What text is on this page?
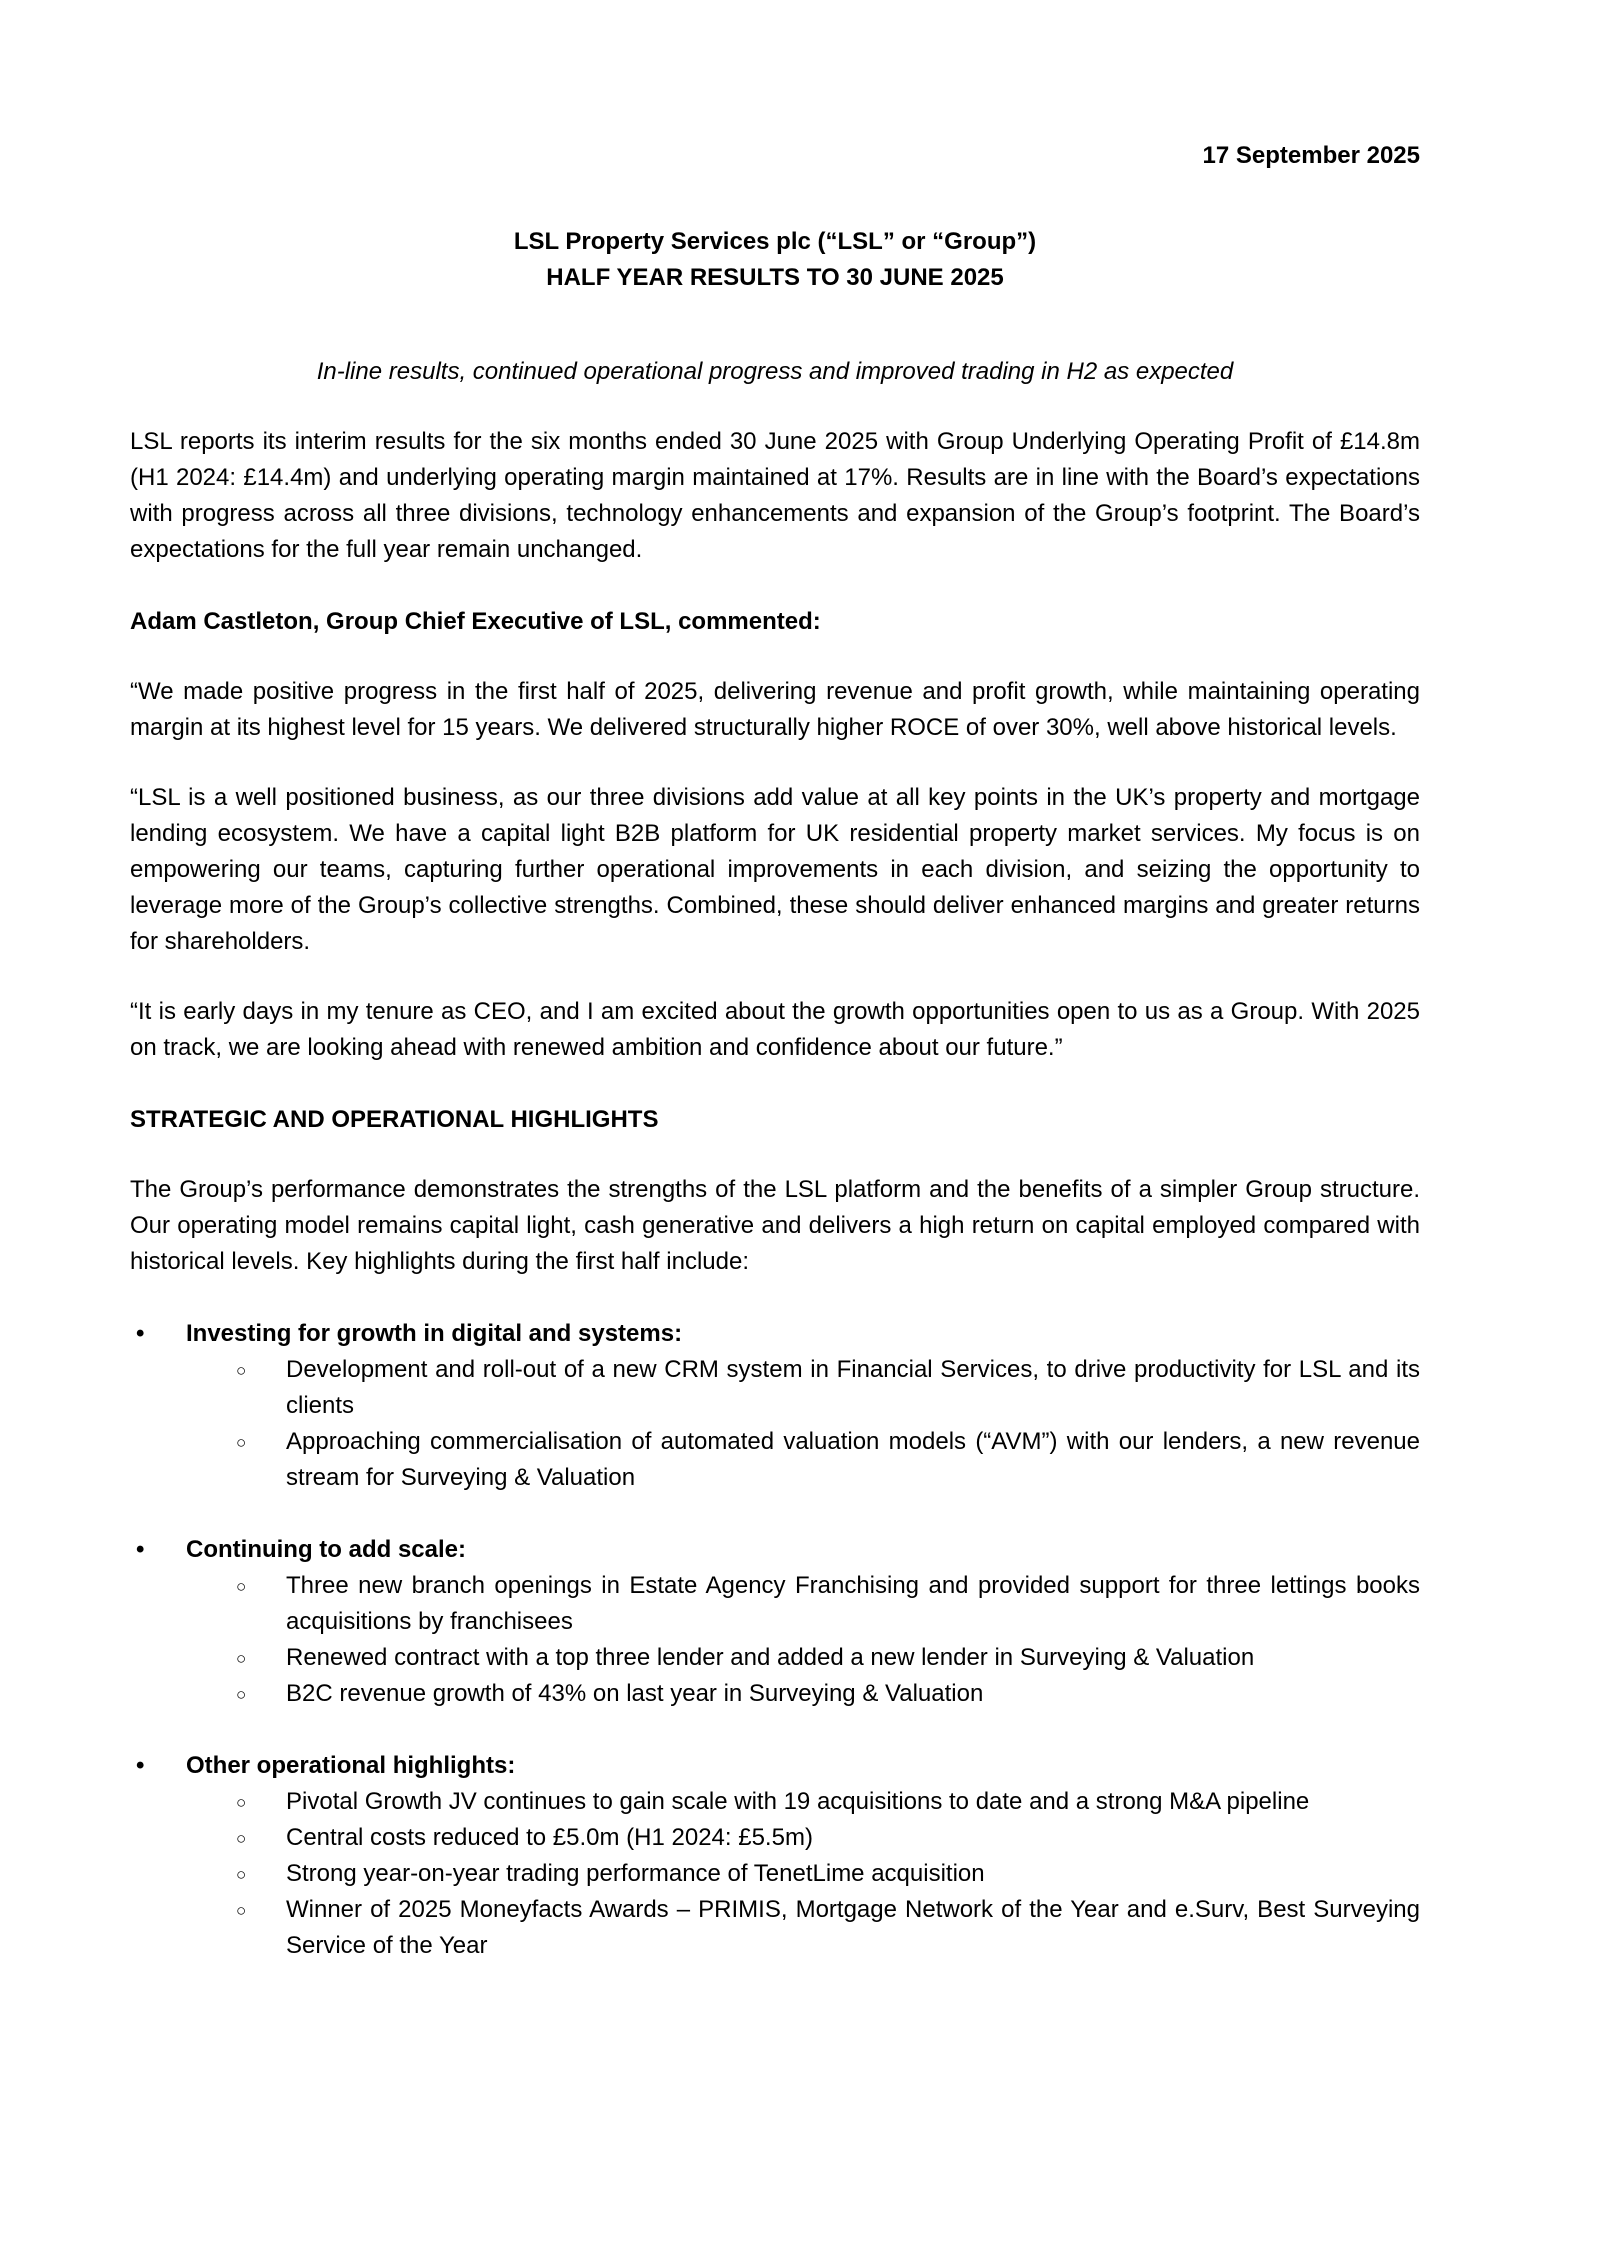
17 September 2025
LSL Property Services plc (“LSL” or “Group”)
HALF YEAR RESULTS TO 30 JUNE 2025
In-line results, continued operational progress and improved trading in H2 as expected

LSL reports its interim results for the six months ended 30 June 2025 with Group Underlying Operating Profit of £14.8m (H1 2024: £14.4m) and underlying operating margin maintained at 17%. Results are in line with the Board’s expectations with progress across all three divisions, technology enhancements and expansion of the Group’s footprint. The Board’s expectations for the full year remain unchanged.

Adam Castleton, Group Chief Executive of LSL, commented:

“We made positive progress in the first half of 2025, delivering revenue and profit growth, while maintaining operating margin at its highest level for 15 years. We delivered structurally higher ROCE of over 30%, well above historical levels.

“LSL is a well positioned business, as our three divisions add value at all key points in the UK’s property and mortgage lending ecosystem. We have a capital light B2B platform for UK residential property market services. My focus is on empowering our teams, capturing further operational improvements in each division, and seizing the opportunity to leverage more of the Group’s collective strengths. Combined, these should deliver enhanced margins and greater returns for shareholders.

“It is early days in my tenure as CEO, and I am excited about the growth opportunities open to us as a Group. With 2025 on track, we are looking ahead with renewed ambition and confidence about our future.”

STRATEGIC AND OPERATIONAL HIGHLIGHTS

The Group’s performance demonstrates the strengths of the LSL platform and the benefits of a simpler Group structure. Our operating model remains capital light, cash generative and delivers a high return on capital employed compared with historical levels. Key highlights during the first half include:

• Investing for growth in digital and systems:
○ Development and roll-out of a new CRM system in Financial Services, to drive productivity for LSL and its clients
○ Approaching commercialisation of automated valuation models (“AVM”) with our lenders, a new revenue stream for Surveying & Valuation
• Continuing to add scale:
○ Three new branch openings in Estate Agency Franchising and provided support for three lettings books acquisitions by franchisees
○ Renewed contract with a top three lender and added a new lender in Surveying & Valuation
○ B2C revenue growth of 43% on last year in Surveying & Valuation
• Other operational highlights:
○ Pivotal Growth JV continues to gain scale with 19 acquisitions to date and a strong M&A pipeline
○ Central costs reduced to £5.0m (H1 2024: £5.5m)
○ Strong year-on-year trading performance of TenetLime acquisition
○ Winner of 2025 Moneyfacts Awards – PRIMIS, Mortgage Network of the Year and e.Surv, Best Surveying Service of the Year
